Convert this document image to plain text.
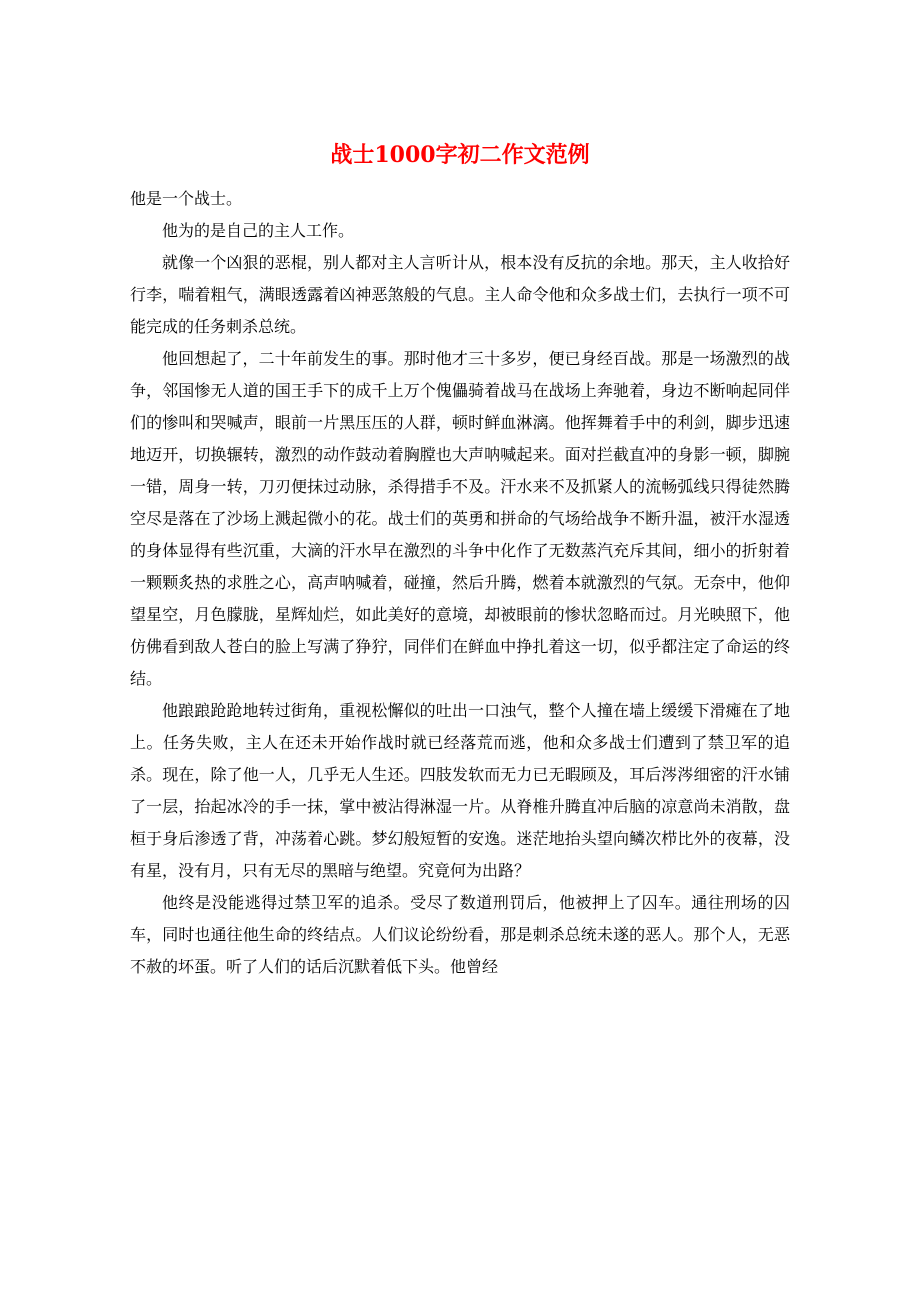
战士1000字初二作文范例

他是一个战士。

他为的是自己的主人工作。

就像一个凶狠的恶棍，别人都对主人言听计从，根本没有反抗的余地。那天，主人收拾好行李，喘着粗气，满眼透露着凶神恶煞般的气息。主人命令他和众多战士们，去执行一项不可能完成的任务刺杀总统。

他回想起了，二十年前发生的事。那时他才三十多岁，便已身经百战。那是一场激烈的战争，邻国惨无人道的国王手下的成千上万个傀儡骑着战马在战场上奔驰着，身边不断响起同伴们的惨叫和哭喊声，眼前一片黑压压的人群，顿时鲜血淋漓。他挥舞着手中的利剑，脚步迅速地迈开，切换辗转，激烈的动作鼓动着胸膛也大声呐喊起来。面对拦截直冲的身影一顿，脚腕一错，周身一转，刀刃便抹过动脉，杀得措手不及。汗水来不及抓紧人的流畅弧线只得徒然腾空尽是落在了沙场上溅起微小的花。战士们的英勇和拼命的气场给战争不断升温，被汗水湿透的身体显得有些沉重，大滴的汗水早在激烈的斗争中化作了无数蒸汽充斥其间，细小的折射着一颗颗炙热的求胜之心，高声呐喊着，碰撞，然后升腾，燃着本就激烈的气氛。无奈中，他仰望星空，月色朦胧，星辉灿烂，如此美好的意境，却被眼前的惨状忽略而过。月光映照下，他仿佛看到敌人苍白的脸上写满了狰狞，同伴们在鲜血中挣扎着这一切，似乎都注定了命运的终结。

他踉踉跄跄地转过街角，重视松懈似的吐出一口浊气，整个人撞在墙上缓缓下滑瘫在了地上。任务失败，主人在还未开始作战时就已经落荒而逃，他和众多战士们遭到了禁卫军的追杀。现在，除了他一人，几乎无人生还。四肢发软而无力已无暇顾及，耳后涔涔细密的汗水铺了一层，抬起冰冷的手一抹，掌中被沾得淋湿一片。从脊椎升腾直冲后脑的凉意尚未消散，盘桓于身后渗透了背，冲荡着心跳。梦幻般短暂的安逸。迷茫地抬头望向鳞次栉比外的夜幕，没有星，没有月，只有无尽的黑暗与绝望。究竟何为出路？

他终是没能逃得过禁卫军的追杀。受尽了数道刑罚后，他被押上了囚车。通往刑场的囚车，同时也通往他生命的终结点。人们议论纷纷看，那是刺杀总统未遂的恶人。那个人，无恶不赦的坏蛋。听了人们的话后沉默着低下头。他曾经
